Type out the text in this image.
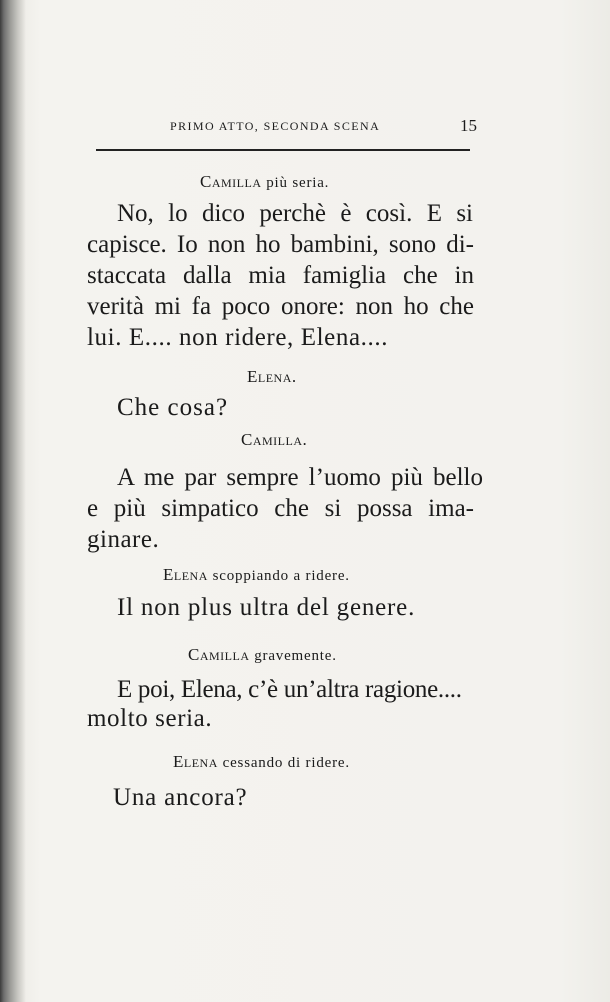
PRIMO ATTO, SECONDA SCENA	15
Camilla più seria.
No, lo dico perchè è così. E si
capisce. Io non ho bambini, sono di-
staccata dalla mia famiglia che in
verità mi fa poco onore: non ho che
lui. E.... non ridere, Elena....
Elena.
Che cosa?
Camilla.
A me par sempre l’uomo più bello
e più simpatico che si possa ima-
ginare.
Elena scoppiando a ridere.
Il non plus ultra del genere.
Camilla gravemente.
E poi, Elena, c’è un’altra ragione....
molto seria.
Elena cessando di ridere.
Una ancora?
